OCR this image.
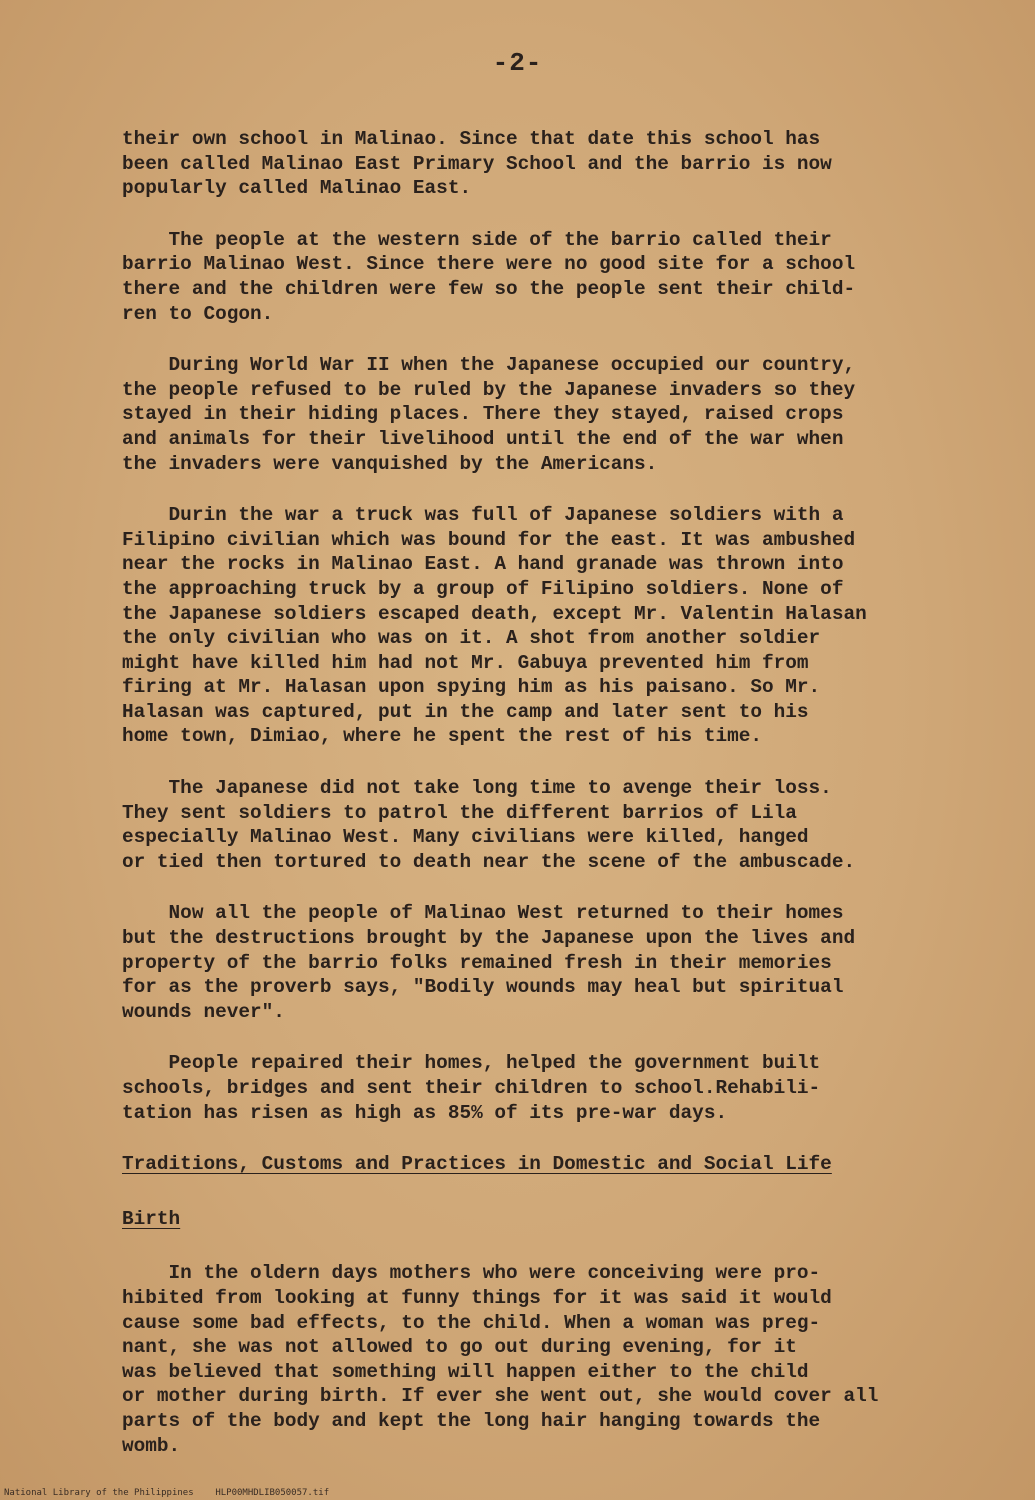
-2-

their own school in Malinao. Since that date this school has
been called Malinao East Primary School and the barrio is now
popularly called Malinao East.

The people at the western side of the barrio called their
barrio Malinao West. Since there were no good site for a school
there and the children were few so the people sent their child-
ren to Cogon.

During World War II when the Japanese occupied our country,
the people refused to be ruled by the Japanese invaders so they
stayed in their hiding places. There they stayed, raised crops
and animals for their livelihood until the end of the war when
the invaders were vanquished by the Americans.

Durin the war a truck was full of Japanese soldiers with a
Filipino civilian which was bound for the east. It was ambushed
near the rocks in Malinao East. A hand granade was thrown into
the approaching truck by a group of Filipino soldiers. None of
the Japanese soldiers escaped death, except Mr. Valentin Halasan
the only civilian who was on it. A shot from another soldier
might have killed him had not Mr. Gabuya prevented him from
firing at Mr. Halasan upon spying him as his paisano. So Mr.
Halasan was captured, put in the camp and later sent to his
home town, Dimiao, where he spent the rest of his time.

The Japanese did not take long time to avenge their loss.
They sent soldiers to patrol the different barrios of Lila
especially Malinao West. Many civilians were killed, hanged
or tied then tortured to death near the scene of the ambuscade.

Now all the people of Malinao West returned to their homes
but the destructions brought by the Japanese upon the lives and
property of the barrio folks remained fresh in their memories
for as the proverb says, "Bodily wounds may heal but spiritual
wounds never".

People repaired their homes, helped the government built
schools, bridges and sent their children to school.Rehabili-
tation has risen as high as 85% of its pre-war days.

Traditions, Customs and Practices in Domestic and Social Life

Birth

In the oldern days mothers who were conceiving were pro-
hibited from looking at funny things for it was said it would
cause some bad effects, to the child. When a woman was preg-
nant, she was not allowed to go out during evening, for it
was believed that something will happen either to the child
or mother during birth. If ever she went out, she would cover all
parts of the body and kept the long hair hanging towards the
womb.

National Library of the Philippines    HLP00MHDLIB050057.tif
